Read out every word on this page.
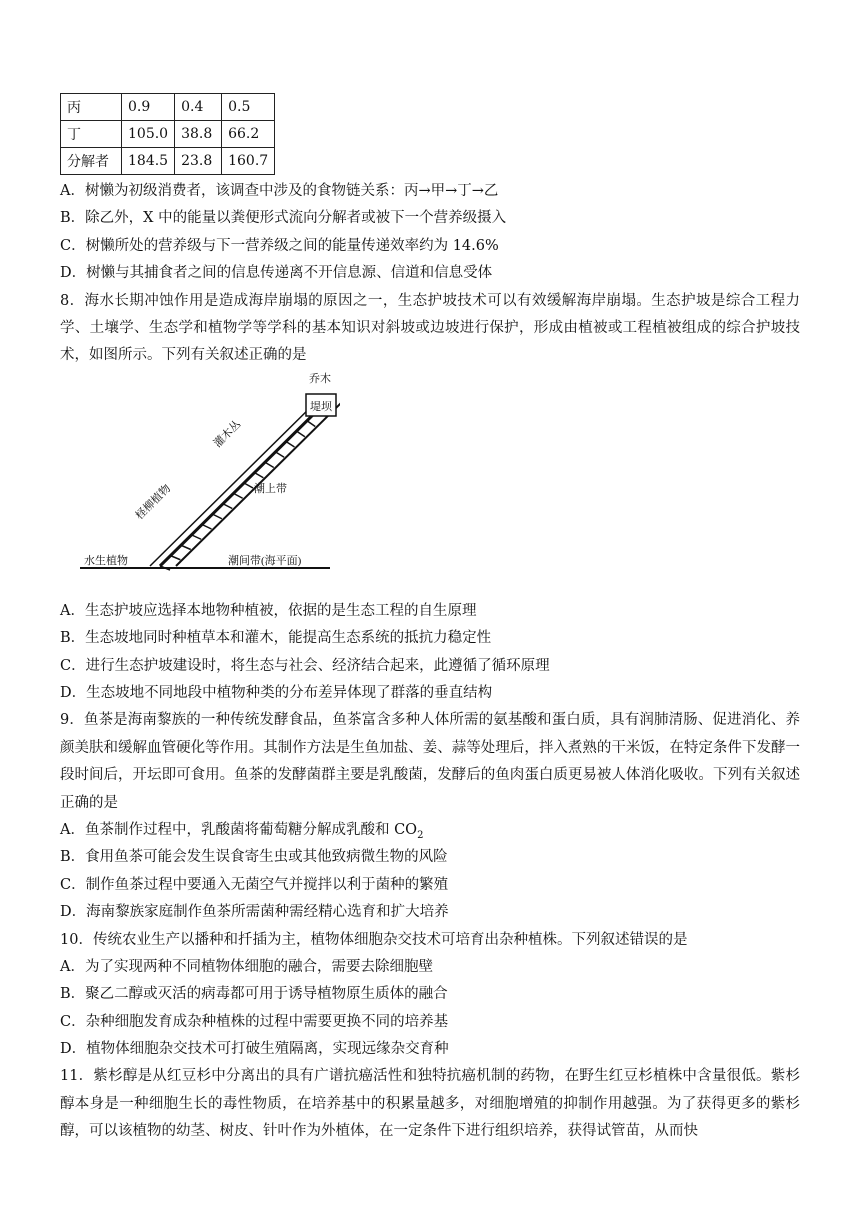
丙	0.9	0.4	0.5
丁	105.0	38.8	66.2
分解者	184.5	23.8	160.7
A．树懒为初级消费者，该调查中涉及的食物链关系：丙→甲→丁→乙
B．除乙外，X 中的能量以粪便形式流向分解者或被下一个营养级摄入
C．树懒所处的营养级与下一营养级之间的能量传递效率约为 14.6%
D．树懒与其捕食者之间的信息传递离不开信息源、信道和信息受体
8．海水长期冲蚀作用是造成海岸崩塌的原因之一，生态护坡技术可以有效缓解海岸崩塌。生态护坡是综合工程力学、土壤学、生态学和植物学等学科的基本知识对斜坡或边坡进行保护，形成由植被或工程植被组成的综合护坡技术，如图所示。下列有关叙述正确的是
乔木
堤坝
灌木丛
柽柳植物	潮上带
水生植物	潮间带(海平面)
A．生态护坡应选择本地物种植被，依据的是生态工程的自生原理
B．生态坡地同时种植草本和灌木，能提高生态系统的抵抗力稳定性
C．进行生态护坡建设时，将生态与社会、经济结合起来，此遵循了循环原理
D．生态坡地不同地段中植物种类的分布差异体现了群落的垂直结构
9．鱼茶是海南黎族的一种传统发酵食品，鱼茶富含多种人体所需的氨基酸和蛋白质，具有润肺清肠、促进消化、养颜美肤和缓解血管硬化等作用。其制作方法是生鱼加盐、姜、蒜等处理后，拌入煮熟的干米饭，在特定条件下发酵一段时间后，开坛即可食用。鱼茶的发酵菌群主要是乳酸菌，发酵后的鱼肉蛋白质更易被人体消化吸收。下列有关叙述正确的是
A．鱼茶制作过程中，乳酸菌将葡萄糖分解成乳酸和 $CO_2$
B．食用鱼茶可能会发生误食寄生虫或其他致病微生物的风险
C．制作鱼茶过程中要通入无菌空气并搅拌以利于菌种的繁殖
D．海南黎族家庭制作鱼茶所需菌种需经精心选育和扩大培养
10．传统农业生产以播种和扦插为主，植物体细胞杂交技术可培育出杂种植株。下列叙述错误的是
A．为了实现两种不同植物体细胞的融合，需要去除细胞壁
B．聚乙二醇或灭活的病毒都可用于诱导植物原生质体的融合
C．杂种细胞发育成杂种植株的过程中需要更换不同的培养基
D．植物体细胞杂交技术可打破生殖隔离，实现远缘杂交育种
11．紫杉醇是从红豆杉中分离出的具有广谱抗癌活性和独特抗癌机制的药物，在野生红豆杉植株中含量很低。紫杉醇本身是一种细胞生长的毒性物质，在培养基中的积累量越多，对细胞增殖的抑制作用越强。为了获得更多的紫杉醇，可以该植物的幼茎、树皮、针叶作为外植体，在一定条件下进行组织培养，获得试管苗，从而快
